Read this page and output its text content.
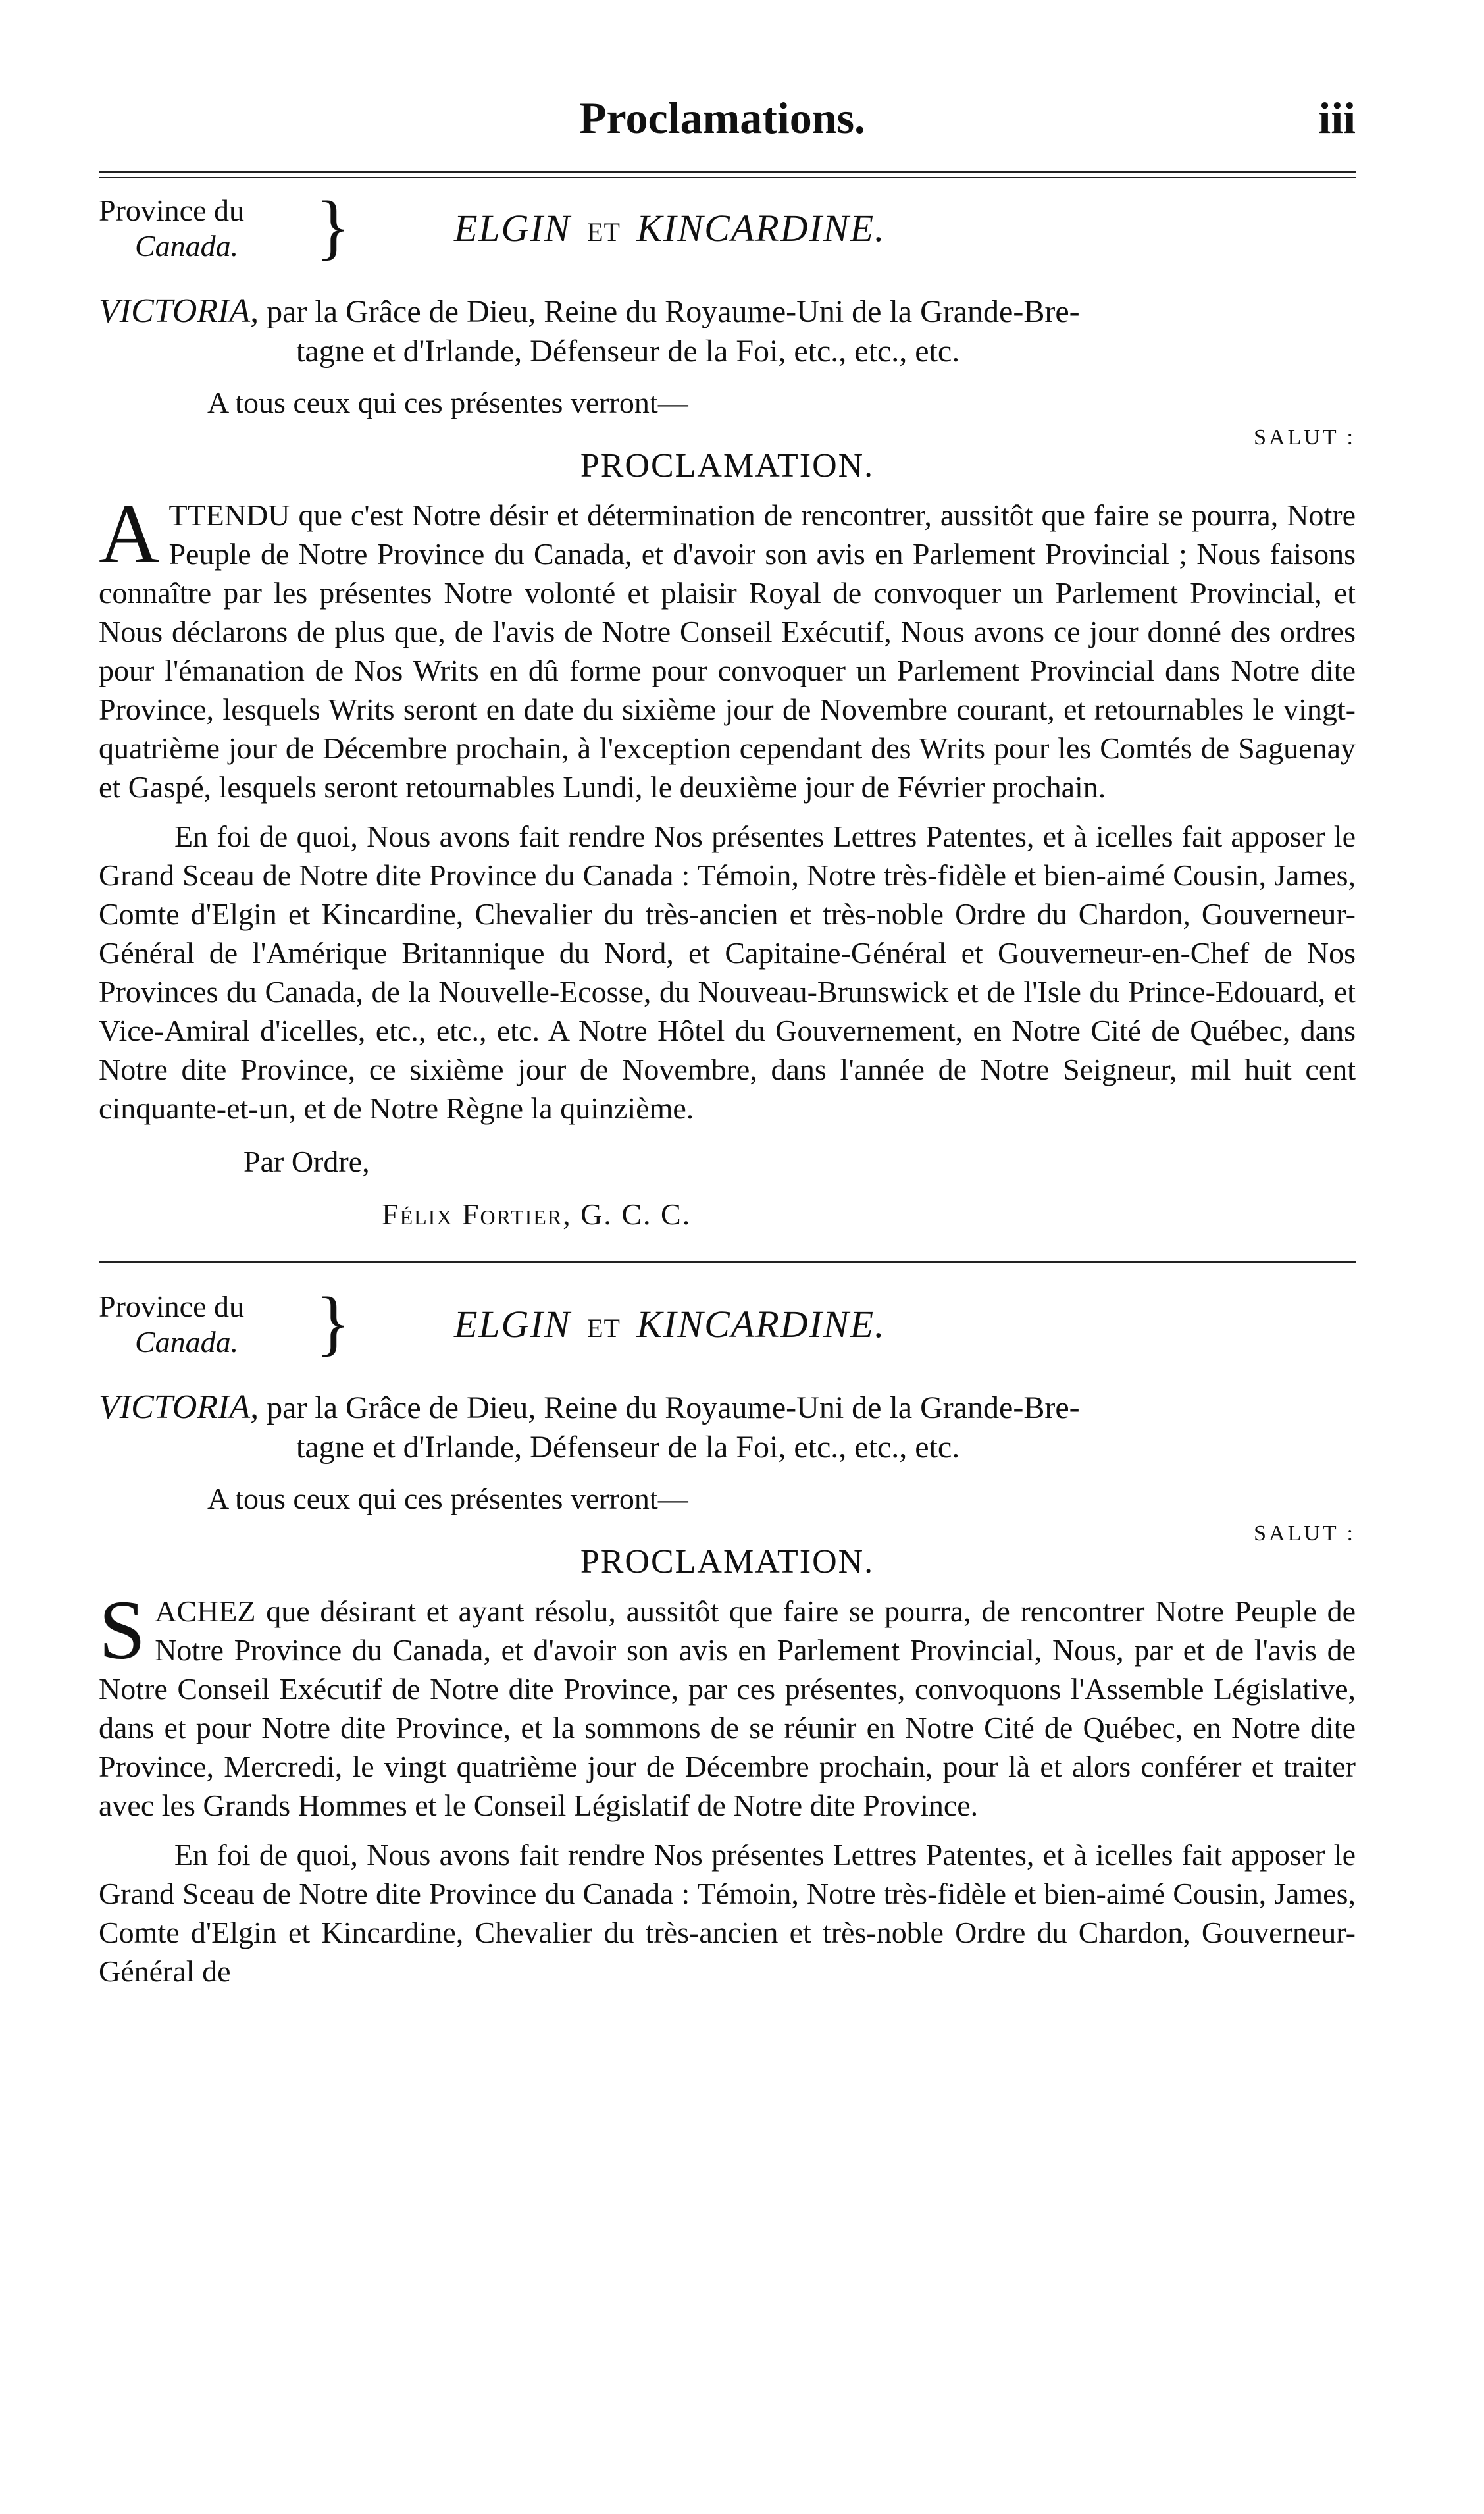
Proclamations.	iii
Province du
Canada. }	ELGIN ET KINCARDINE.
VICTORIA, par la Grâce de Dieu, Reine du Royaume-Uni de la Grande-Bre-
tagne et d'Irlande, Défenseur de la Foi, etc., etc., etc.
A tous ceux qui ces présentes verront—
SALUT :
PROCLAMATION.
A TTENDU que c'est Notre désir et détermination de rencontrer, aussitôt que faire se pourra, Notre Peuple de Notre Province du Canada, et d'avoir son avis en Parlement Provincial ; Nous faisons connaître par les présentes Notre volonté et plaisir Royal de convoquer un Parlement Provincial, et Nous déclarons de plus que, de l'avis de Notre Conseil Exécutif, Nous avons ce jour donné des ordres pour l'émanation de Nos Writs en dû forme pour convoquer un Parlement Provincial dans Notre dite Province, lesquels Writs seront en date du sixième jour de Novembre courant, et retournables le vingt-quatrième jour de Décembre prochain, à l'exception cependant des Writs pour les Comtés de Saguenay et Gaspé, lesquels seront retournables Lundi, le deuxième jour de Février prochain.
En foi de quoi, Nous avons fait rendre Nos présentes Lettres Patentes, et à icelles fait apposer le Grand Sceau de Notre dite Province du Canada : Témoin, Notre très-fidèle et bien-aimé Cousin, James, Comte d'Elgin et Kincardine, Chevalier du très-ancien et très-noble Ordre du Chardon, Gouverneur-Général de l'Amérique Britannique du Nord, et Capitaine-Général et Gouverneur-en-Chef de Nos Provinces du Canada, de la Nouvelle-Ecosse, du Nouveau-Brunswick et de l'Isle du Prince-Edouard, et Vice-Amiral d'icelles, etc., etc., etc. A Notre Hôtel du Gouvernement, en Notre Cité de Québec, dans Notre dite Province, ce sixième jour de Novembre, dans l'année de Notre Seigneur, mil huit cent cinquante-et-un, et de Notre Règne la quinzième.
Par Ordre,
Félix Fortier, G. C. C.
Province du
Canada. }	ELGIN ET KINCARDINE.
VICTORIA, par la Grâce de Dieu, Reine du Royaume-Uni de la Grande-Bre-
tagne et d'Irlande, Défenseur de la Foi, etc., etc., etc.
A tous ceux qui ces présentes verront—
SALUT :
PROCLAMATION.
S ACHEZ que désirant et ayant résolu, aussitôt que faire se pourra, de rencontrer Notre Peuple de Notre Province du Canada, et d'avoir son avis en Parlement Provincial, Nous, par et de l'avis de Notre Conseil Exécutif de Notre dite Province, par ces présentes, convoquons l'Assemble Législative, dans et pour Notre dite Province, et la sommons de se réunir en Notre Cité de Québec, en Notre dite Province, Mercredi, le vingt quatrième jour de Décembre prochain, pour là et alors conférer et traiter avec les Grands Hommes et le Conseil Législatif de Notre dite Province.
En foi de quoi, Nous avons fait rendre Nos présentes Lettres Patentes, et à icelles fait apposer le Grand Sceau de Notre dite Province du Canada : Témoin, Notre très-fidèle et bien-aimé Cousin, James, Comte d'Elgin et Kincardine, Chevalier du très-ancien et très-noble Ordre du Chardon, Gouverneur-Général de
